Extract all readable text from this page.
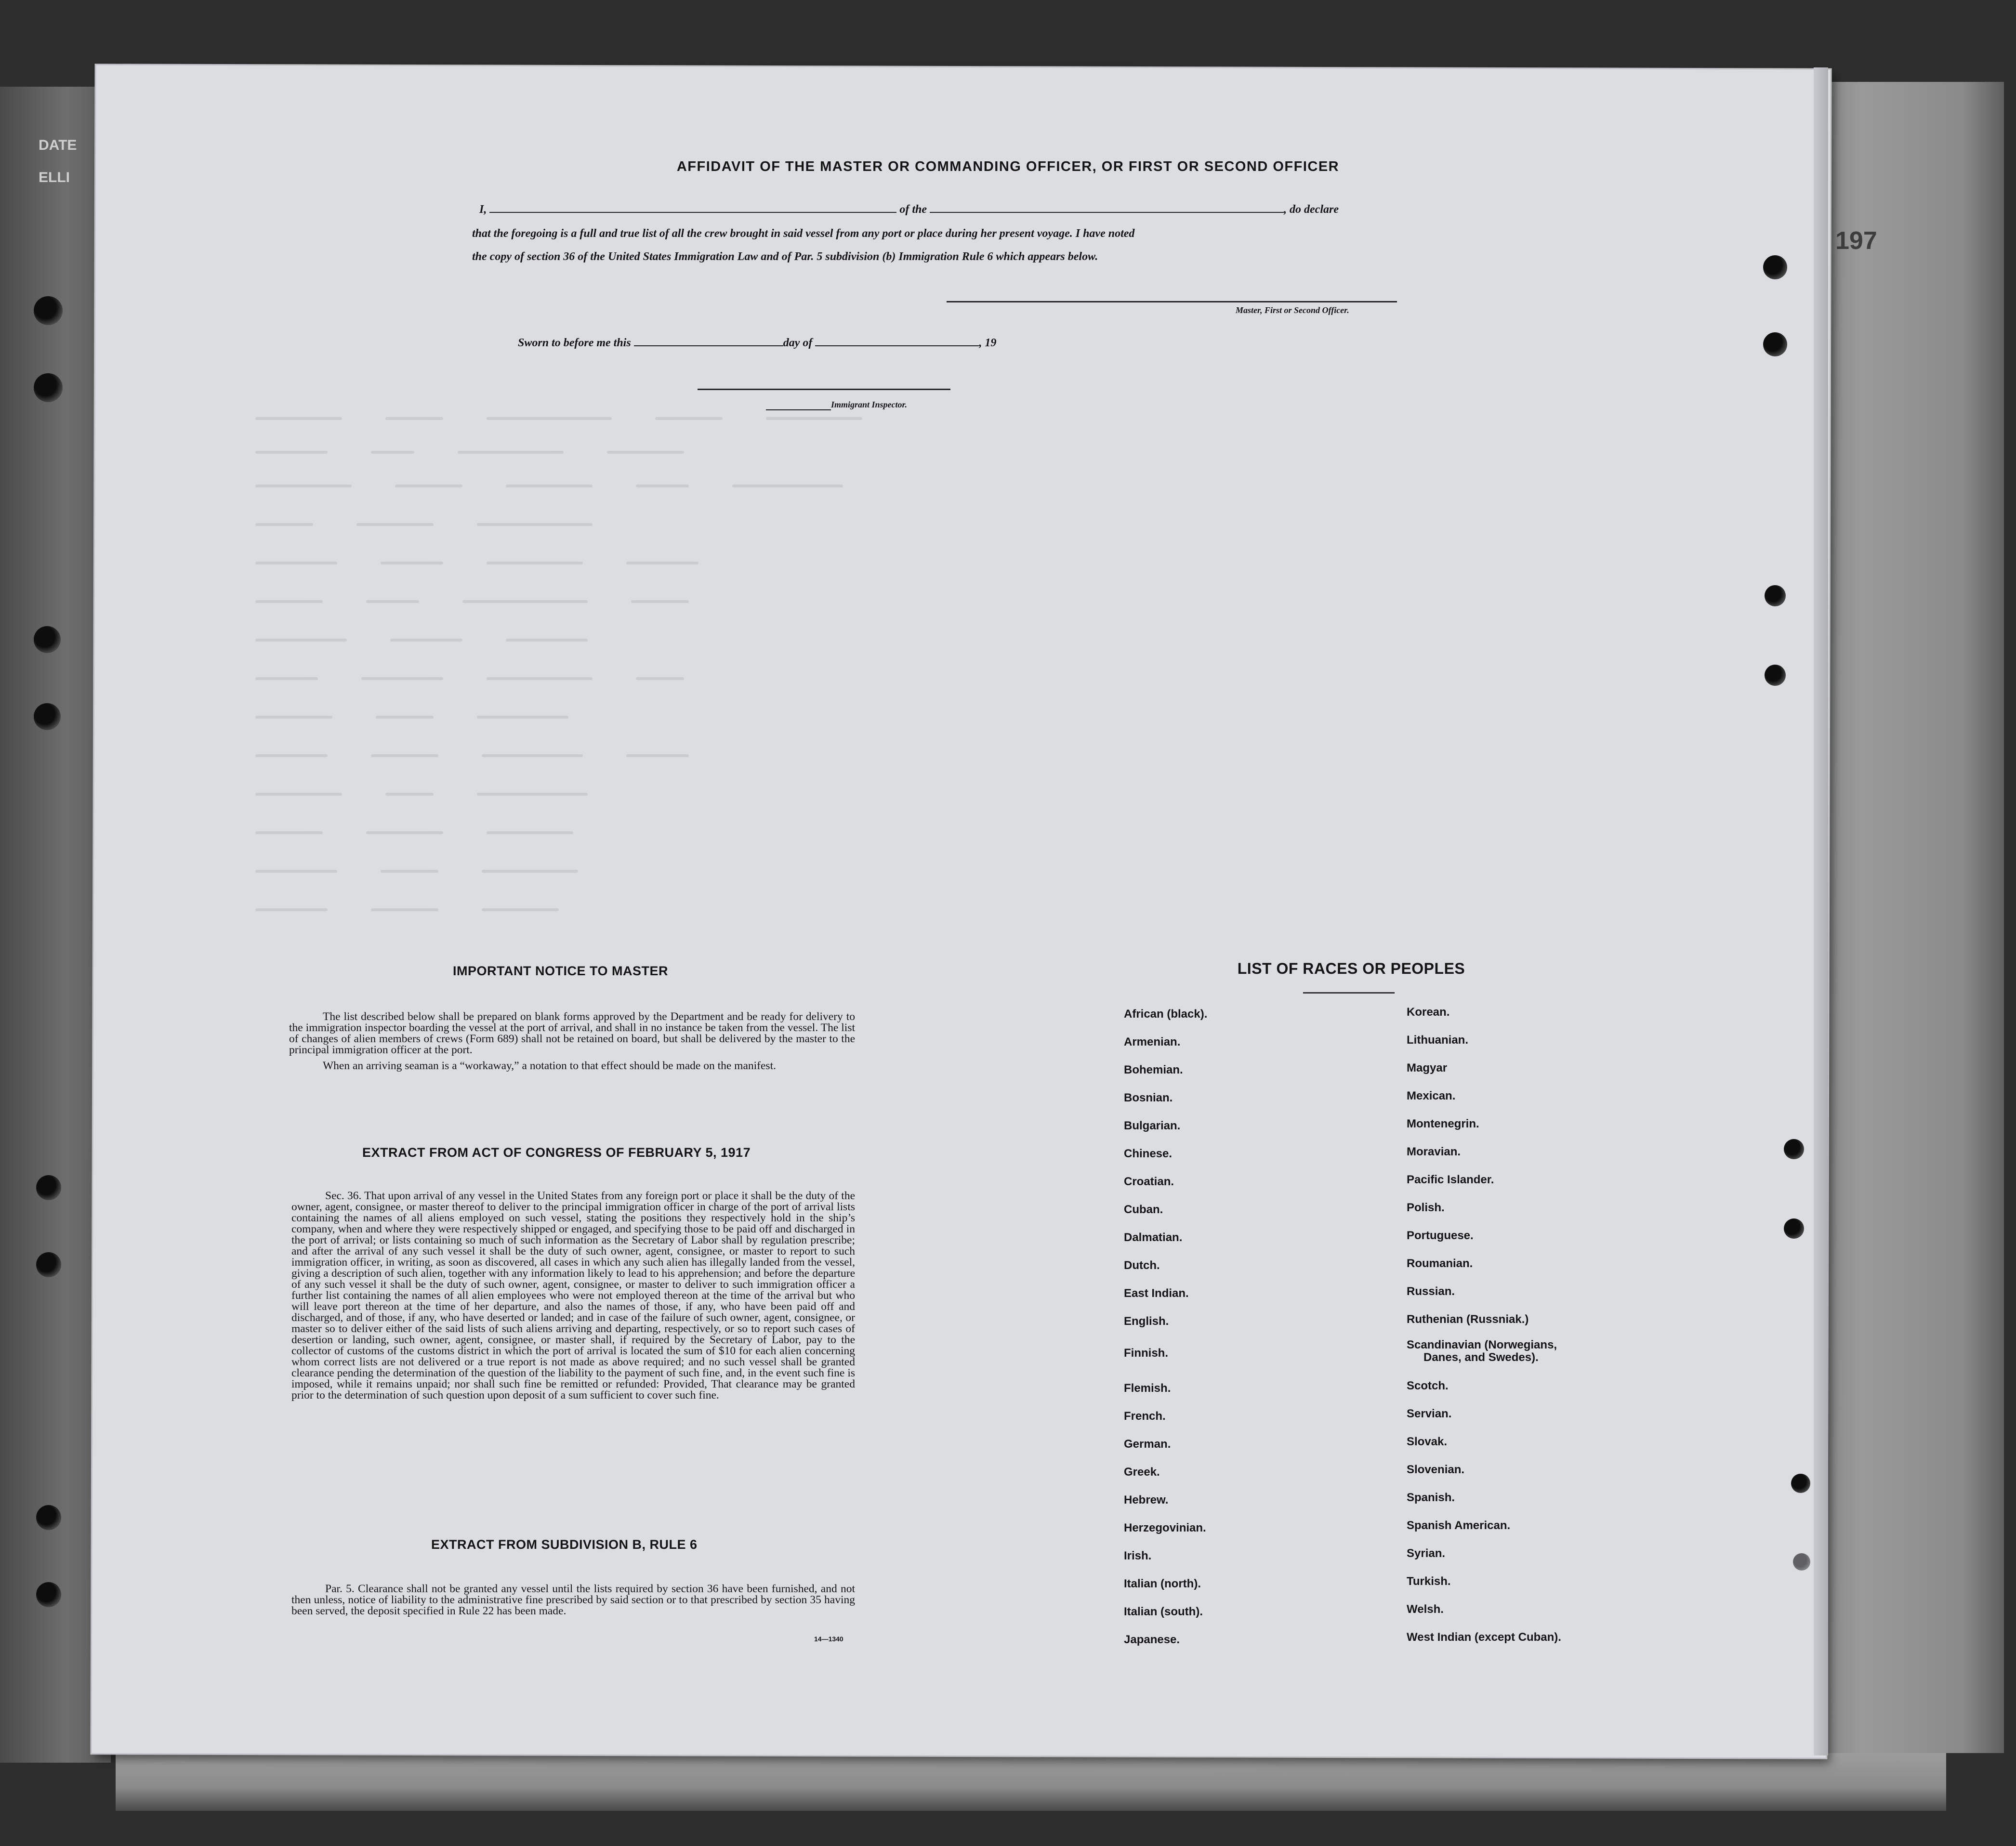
DATE
ELLI
197
AFFIDAVIT OF THE MASTER OR COMMANDING OFFICER, OR FIRST OR SECOND OFFICER
I,	of the	, do declare
that the foregoing is a full and true list of all the crew brought in said vessel from any port or place during her present voyage. I have noted
the copy of section 36 of the United States Immigration Law and of Par. 5 subdivision (b) Immigration Rule 6 which appears below.
Master, First or Second Officer.
Sworn to before me this	day of	, 19
Immigrant Inspector.
IMPORTANT NOTICE TO MASTER

The list described below shall be prepared on blank forms approved by the Department and be ready for delivery to the immigration inspector boarding the vessel at the port of arrival, and shall in no instance be taken from the vessel. The list of changes of alien members of crews (Form 689) shall not be retained on board, but shall be delivered by the master to the principal immigration officer at the port.

When an arriving seaman is a “workaway,” a notation to that effect should be made on the manifest.

EXTRACT FROM ACT OF CONGRESS OF FEBRUARY 5, 1917

Sec. 36. That upon arrival of any vessel in the United States from any foreign port or place it shall be the duty of the owner, agent, consignee, or master thereof to deliver to the principal immigration officer in charge of the port of arrival lists containing the names of all aliens employed on such vessel, stating the positions they respectively hold in the ship’s company, when and where they were respectively shipped or engaged, and specifying those to be paid off and discharged in the port of arrival; or lists containing so much of such information as the Secretary of Labor shall by regulation prescribe; and after the arrival of any such vessel it shall be the duty of such owner, agent, consignee, or master to report to such immigration officer, in writing, as soon as discovered, all cases in which any such alien has illegally landed from the vessel, giving a description of such alien, together with any information likely to lead to his apprehension; and before the departure of any such vessel it shall be the duty of such owner, agent, consignee, or master to deliver to such immigration officer a further list containing the names of all alien employees who were not employed thereon at the time of the arrival but who will leave port thereon at the time of her departure, and also the names of those, if any, who have been paid off and discharged, and of those, if any, who have deserted or landed; and in case of the failure of such owner, agent, consignee, or master so to deliver either of the said lists of such aliens arriving and departing, respectively, or so to report such cases of desertion or landing, such owner, agent, consignee, or master shall, if required by the Secretary of Labor, pay to the collector of customs of the customs district in which the port of arrival is located the sum of $10 for each alien concerning whom correct lists are not delivered or a true report is not made as above required; and no such vessel shall be granted clearance pending the determination of the question of the liability to the payment of such fine, and, in the event such fine is imposed, while it remains unpaid; nor shall such fine be remitted or refunded: Provided, That clearance may be granted prior to the determination of such question upon deposit of a sum sufficient to cover such fine.

EXTRACT FROM SUBDIVISION B, RULE 6

Par. 5. Clearance shall not be granted any vessel until the lists required by section 36 have been furnished, and not then unless, notice of liability to the administrative fine prescribed by said section or to that prescribed by section 35 having been served, the deposit specified in Rule 22 has been made.

14—1340
LIST OF RACES OR PEOPLES
African (black).
Armenian.
Bohemian.
Bosnian.
Bulgarian.
Chinese.
Croatian.
Cuban.
Dalmatian.
Dutch.
East Indian.
English.
Finnish.
Flemish.
French.
German.
Greek.
Hebrew.
Herzegovinian.
Irish.
Italian (north).
Italian (south).
Japanese.
Korean.
Lithuanian.
Magyar
Mexican.
Montenegrin.
Moravian.
Pacific Islander.
Polish.
Portuguese.
Roumanian.
Russian.
Ruthenian (Russniak.)
Scandinavian (Norwegians,
Danes, and Swedes).
Scotch.
Servian.
Slovak.
Slovenian.
Spanish.
Spanish American.
Syrian.
Turkish.
Welsh.
West Indian (except Cuban).
